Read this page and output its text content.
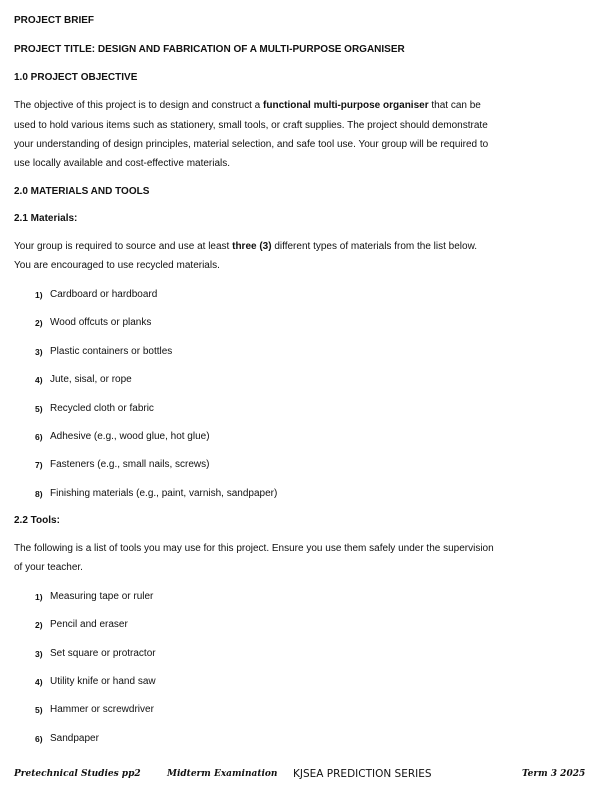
PROJECT BRIEF
PROJECT TITLE: DESIGN AND FABRICATION OF A MULTI-PURPOSE ORGANISER
1.0 PROJECT OBJECTIVE
The objective of this project is to design and construct a functional multi-purpose organiser that can be
used to hold various items such as stationery, small tools, or craft supplies. The project should demonstrate
your understanding of design principles, material selection, and safe tool use. Your group will be required to
use locally available and cost-effective materials.
2.0 MATERIALS AND TOOLS
2.1 Materials:
Your group is required to source and use at least three (3) different types of materials from the list below.
You are encouraged to use recycled materials.
1) Cardboard or hardboard
2) Wood offcuts or planks
3) Plastic containers or bottles
4) Jute, sisal, or rope
5) Recycled cloth or fabric
6) Adhesive (e.g., wood glue, hot glue)
7) Fasteners (e.g., small nails, screws)
8) Finishing materials (e.g., paint, varnish, sandpaper)
2.2 Tools:
The following is a list of tools you may use for this project. Ensure you use them safely under the supervision
of your teacher.
1) Measuring tape or ruler
2) Pencil and eraser
3) Set square or protractor
4) Utility knife or hand saw
5) Hammer or screwdriver
6) Sandpaper
Pretechnical Studies pp2	Midterm Examination KJSEA PREDICTION SERIES	Term 3 2025
